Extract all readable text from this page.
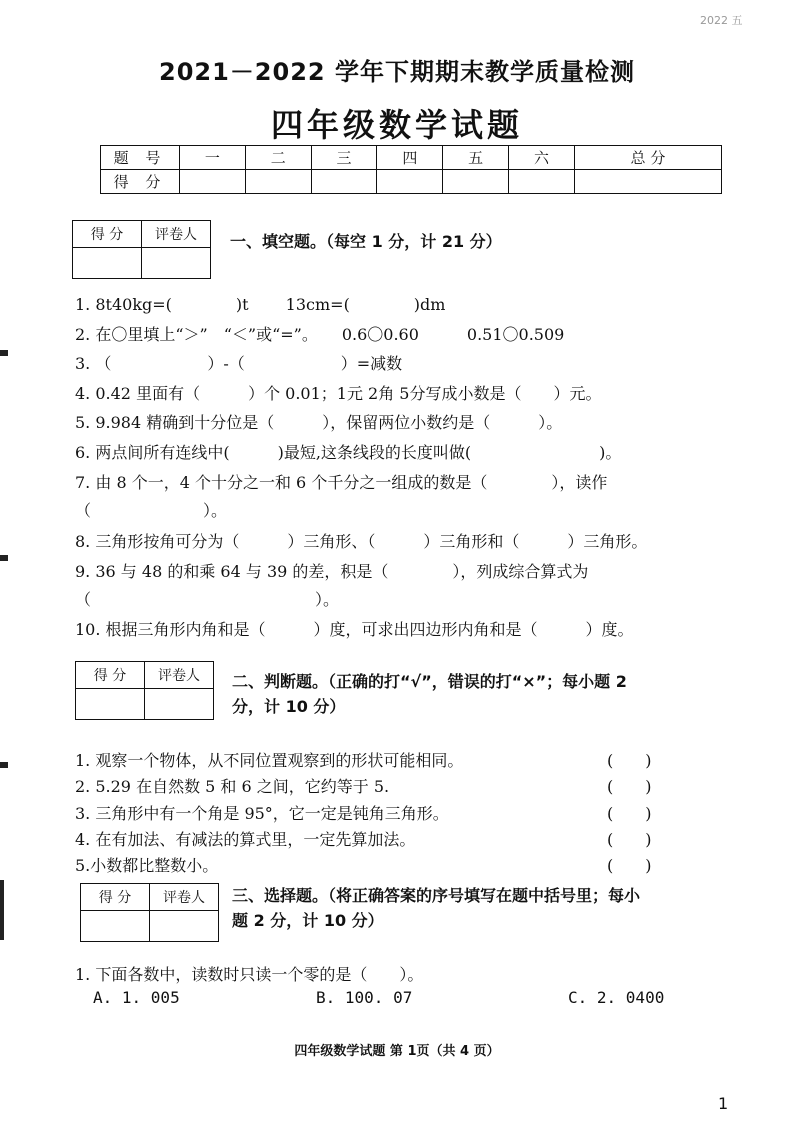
2022 五
2021－2022 学年下期期末教学质量检测
四年级数学试题
题 号	一	二	三	四	五	六	总 分
得 分							
得 分	评卷人
	一、填空题。（每空 1 分，计 21 分）
1. 8t40kg=(　　　　)t　　 13cm=(　　　　)dm
2. 在〇里填上“＞”　“＜”或“=”。　　0.6〇0.60　　　0.51〇0.509
3. （　　　　　　）-（　　　　　　）=减数
4. 0.42 里面有（　　　）个 0.01；1元 2角 5分写成小数是（　　）元。
5. 9.984 精确到十分位是（　　　），保留两位小数约是（　　　）。
6. 两点间所有连线中(　　　)最短,这条线段的长度叫做(　　　　　　　　)。
7. 由 8 个一，4 个十分之一和 6 个千分之一组成的数是（　　　　），读作
（　　　　　　　）。
8. 三角形按角可分为（　　　）三角形、（　　　）三角形和（　　　）三角形。
9. 36 与 48 的和乘 64 与 39 的差，积是（　　　　），列成综合算式为
（　　　　　　　　　　　　　　）。
10. 根据三角形内角和是（　　　）度，可求出四边形内角和是（　　　）度。
得 分	评卷人
	二、判断题。（正确的打“√”，错误的打“×”；每小题 2
分，计 10 分）
1. 观察一个物体，从不同位置观察到的形状可能相同。	(　　)
2. 5.29 在自然数 5 和 6 之间，它约等于 5.	(　　)
3. 三角形中有一个角是 95°，它一定是钝角三角形。	(　　)
4. 在有加法、有减法的算式里，一定先算加法。	(　　)
5.小数都比整数小。	(　　)
得 分	评卷人
	三、选择题。（将正确答案的序号填写在题中括号里；每小
题 2 分，计 10 分）
1. 下面各数中，读数时只读一个零的是（　　）。
A. 1. 005	B. 100. 07	C. 2. 0400
四年级数学试题 第 1页（共 4 页）
1
